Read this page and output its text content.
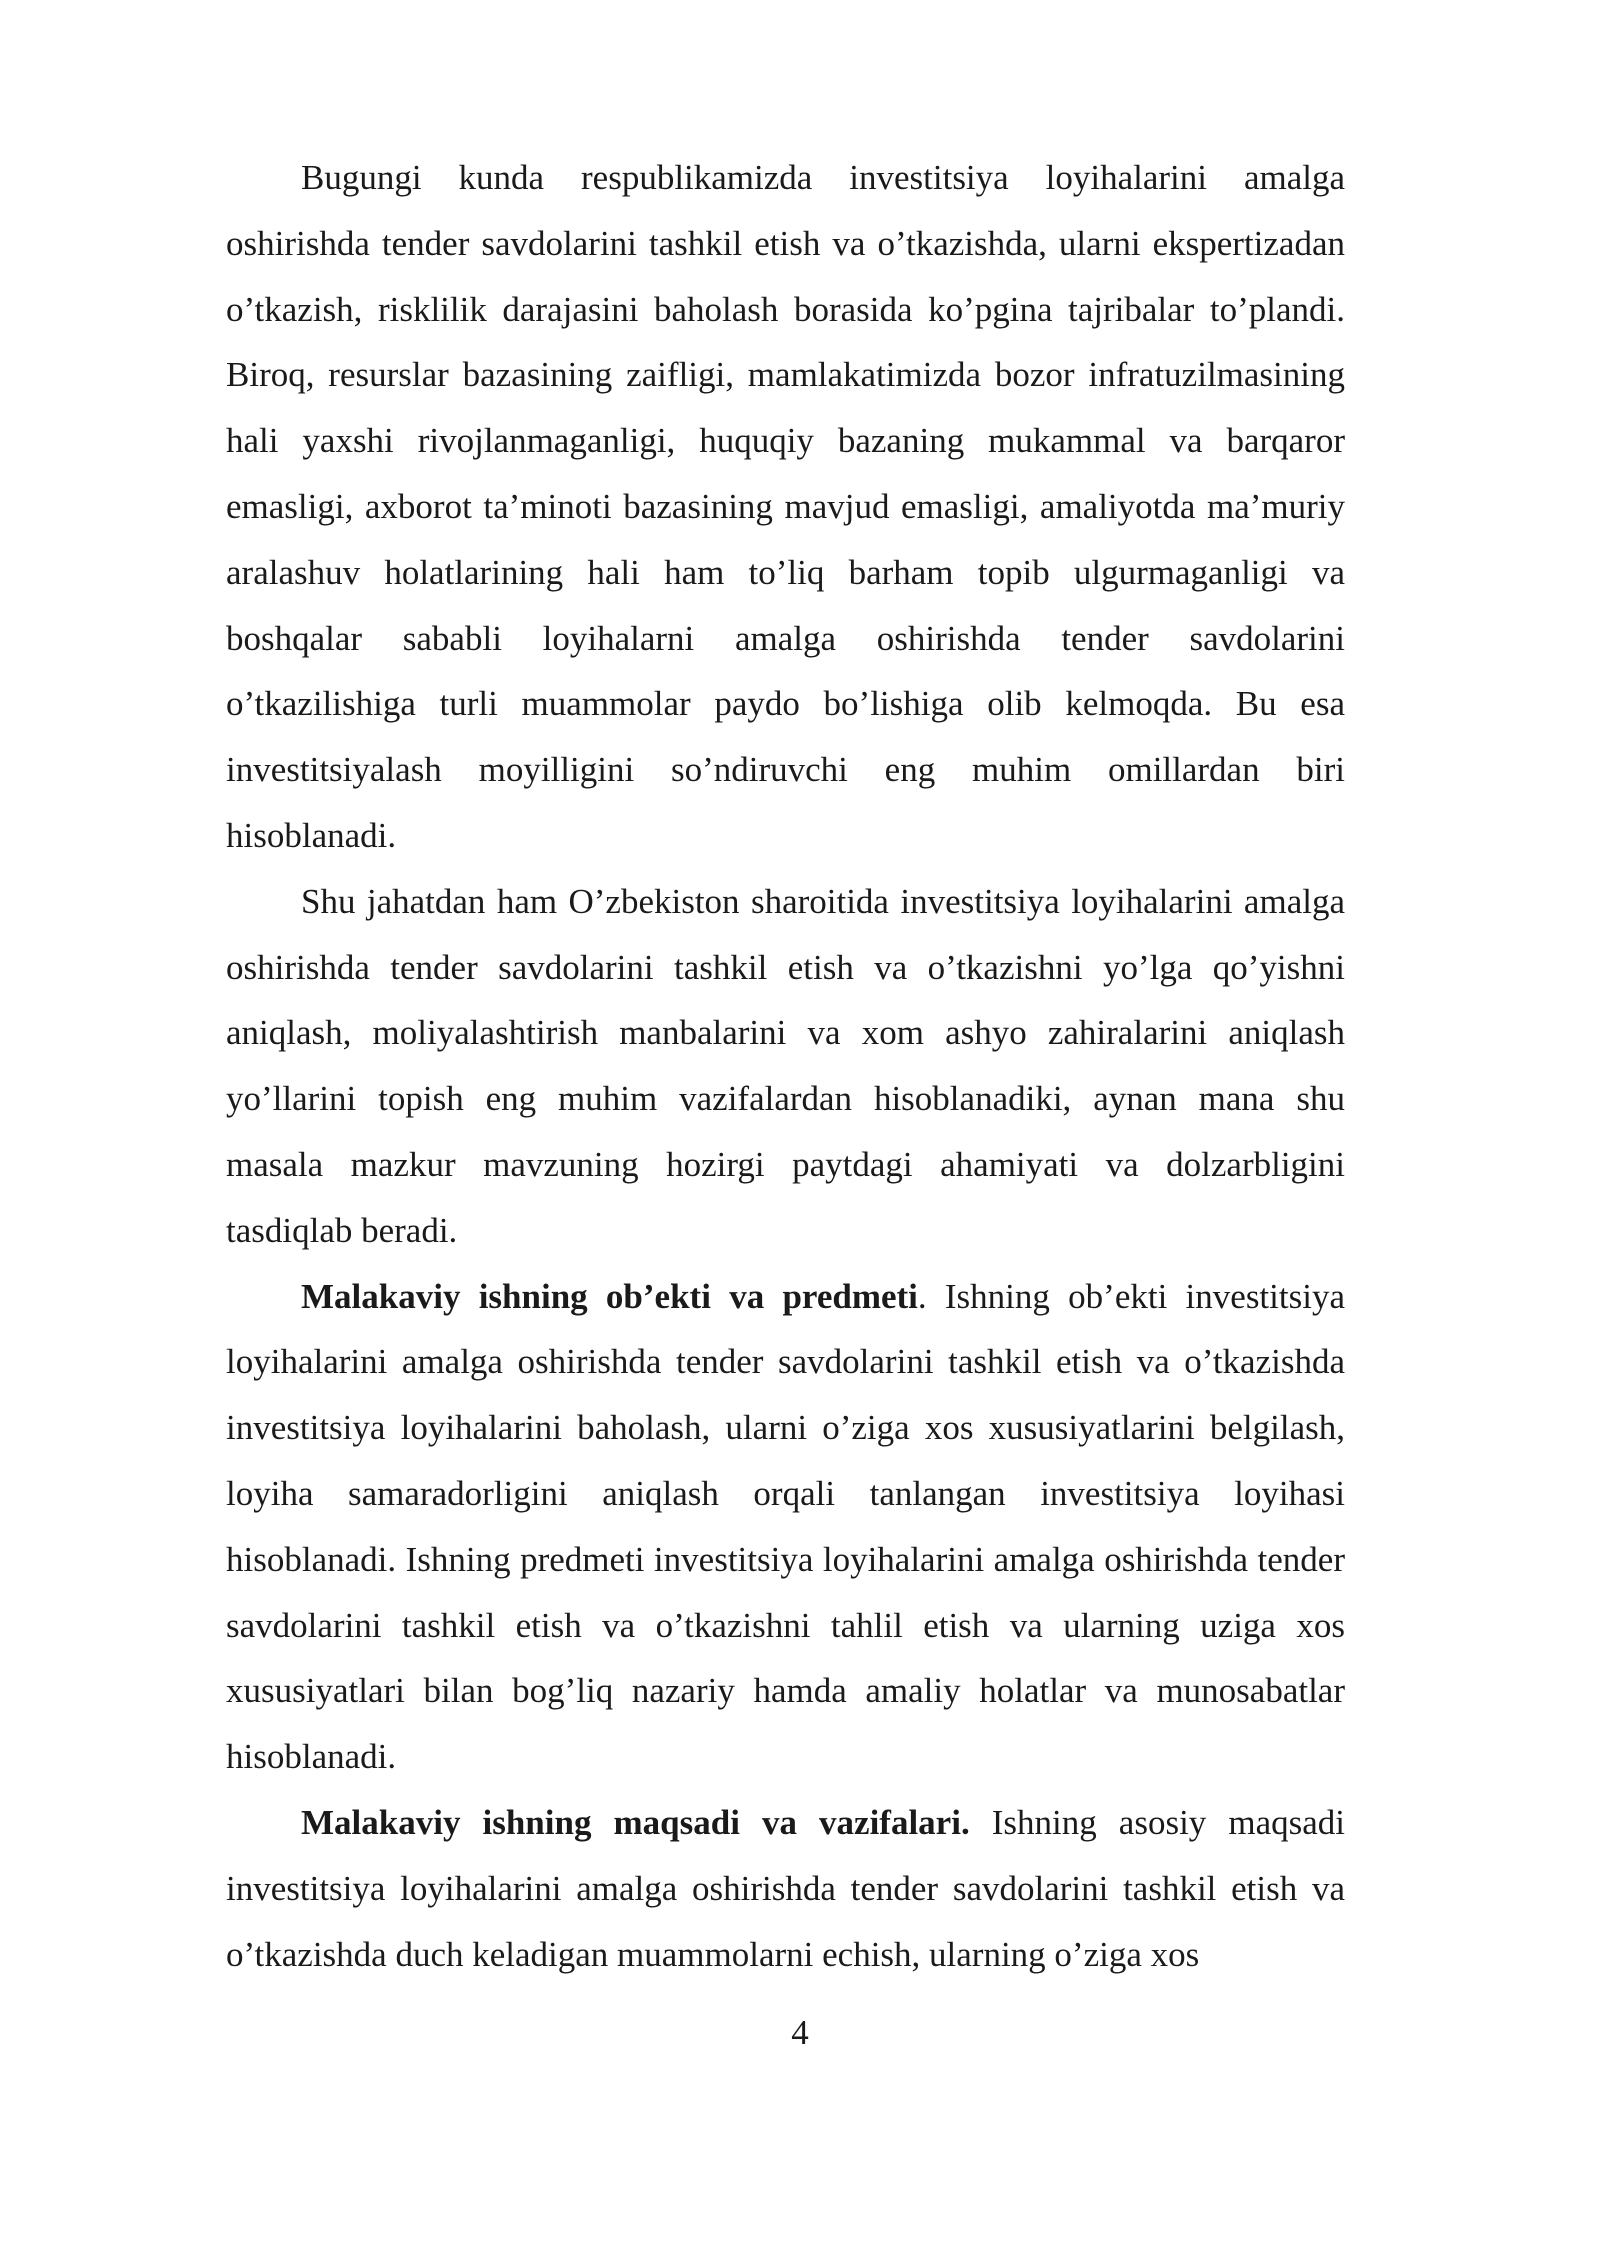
Bugungi kunda respublikamizda investitsiya loyihalarini amalga oshirishda tender savdolarini tashkil etish va o’tkazishda, ularni ekspertizadan o’tkazish, risklilik darajasini baholash borasida ko’pgina tajribalar to’plandi. Biroq, resurslar bazasining zaifligi, mamlakatimizda bozor infratuzilmasining hali yaxshi rivojlanmaganligi, huquqiy bazaning mukammal va barqaror emasligi, axborot ta’minoti bazasining mavjud emasligi, amaliyotda ma’muriy aralashuv holatlarining hali ham to’liq barham topib ulgurmaganligi va boshqalar sababli loyihalarni amalga oshirishda tender savdolarini o’tkazilishiga turli muammolar paydo bo’lishiga olib kelmoqda. Bu esa investitsiyalash moyilligini so’ndiruvchi eng muhim omillardan biri hisoblanadi.

Shu jahatdan ham O’zbekiston sharoitida investitsiya loyihalarini amalga oshirishda tender savdolarini tashkil etish va o’tkazishni yo’lga qo’yishni aniqlash, moliyalashtirish manbalarini va xom ashyo zahiralarini aniqlash yo’llarini topish eng muhim vazifalardan hisoblanadiki, aynan mana shu masala mazkur mavzuning hozirgi paytdagi ahamiyati va dolzarbligini tasdiqlab beradi.

Malakaviy ishning ob’ekti va predmeti. Ishning ob’ekti investitsiya loyihalarini amalga oshirishda tender savdolarini tashkil etish va o’tkazishda investitsiya loyihalarini baholash, ularni o’ziga xos xususiyatlarini belgilash, loyiha samaradorligini aniqlash orqali tanlangan investitsiya loyihasi hisoblanadi. Ishning predmeti investitsiya loyihalarini amalga oshirishda tender savdolarini tashkil etish va o’tkazishni tahlil etish va ularning uziga xos xususiyatlari bilan bog’liq nazariy hamda amaliy holatlar va munosabatlar hisoblanadi.

Malakaviy ishning maqsadi va vazifalari. Ishning asosiy maqsadi investitsiya loyihalarini amalga oshirishda tender savdolarini tashkil etish va o’tkazishda duch keladigan muammolarni echish, ularning o’ziga xos

4
